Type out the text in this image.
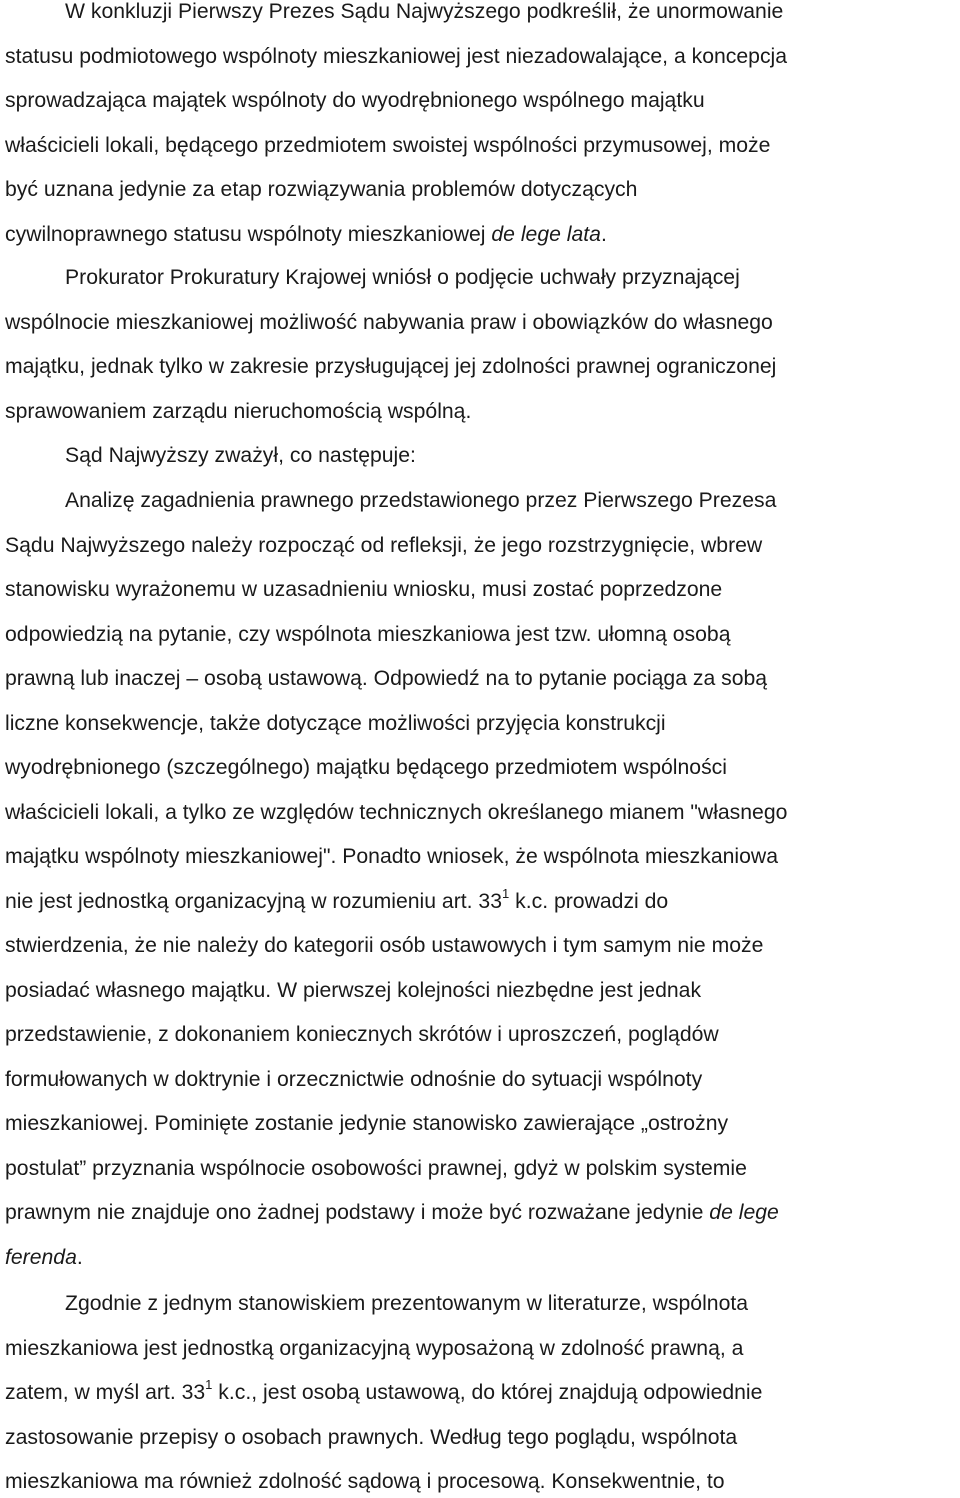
W konkluzji Pierwszy Prezes Sądu Najwyższego podkreślił, że unormowanie
statusu podmiotowego wspólnoty mieszkaniowej jest niezadowalające, a koncepcja
sprowadzająca majątek wspólnoty do wyodrębnionego wspólnego majątku
właścicieli lokali, będącego przedmiotem swoistej wspólności przymusowej, może
być uznana jedynie za etap rozwiązywania problemów dotyczących
cywilnoprawnego statusu wspólnoty mieszkaniowej de lege lata.
Prokurator Prokuratury Krajowej wniósł o podjęcie uchwały przyznającej
wspólnocie mieszkaniowej możliwość nabywania praw i obowiązków do własnego
majątku, jednak tylko w zakresie przysługującej jej zdolności prawnej ograniczonej
sprawowaniem zarządu nieruchomością wspólną.
Sąd Najwyższy zważył, co następuje:
Analizę zagadnienia prawnego przedstawionego przez Pierwszego Prezesa
Sądu Najwyższego należy rozpocząć od refleksji, że jego rozstrzygnięcie, wbrew
stanowisku wyrażonemu w uzasadnieniu wniosku, musi zostać poprzedzone
odpowiedzią na pytanie, czy wspólnota mieszkaniowa jest tzw. ułomną osobą
prawną lub inaczej – osobą ustawową. Odpowiedź na to pytanie pociąga za sobą
liczne konsekwencje, także dotyczące możliwości przyjęcia konstrukcji
wyodrębnionego (szczególnego) majątku będącego przedmiotem wspólności
właścicieli lokali, a tylko ze względów technicznych określanego mianem "własnego
majątku wspólnoty mieszkaniowej". Ponadto wniosek, że wspólnota mieszkaniowa
nie jest jednostką organizacyjną w rozumieniu art. $33^1$ k.c. prowadzi do
stwierdzenia, że nie należy do kategorii osób ustawowych i tym samym nie może
posiadać własnego majątku. W pierwszej kolejności niezbędne jest jednak
przedstawienie, z dokonaniem koniecznych skrótów i uproszczeń, poglądów
formułowanych w doktrynie i orzecznictwie odnośnie do sytuacji wspólnoty
mieszkaniowej. Pominięte zostanie jedynie stanowisko zawierające „ostrożny
postulat” przyznania wspólnocie osobowości prawnej, gdyż w polskim systemie
prawnym nie znajduje ono żadnej podstawy i może być rozważane jedynie de lege
ferenda.
Zgodnie z jednym stanowiskiem prezentowanym w literaturze, wspólnota
mieszkaniowa jest jednostką organizacyjną wyposażoną w zdolność prawną, a
zatem, w myśl art. $33^1$ k.c., jest osobą ustawową, do której znajdują odpowiednie
zastosowanie przepisy o osobach prawnych. Według tego poglądu, wspólnota
mieszkaniowa ma również zdolność sądową i procesową. Konsekwentnie, to
